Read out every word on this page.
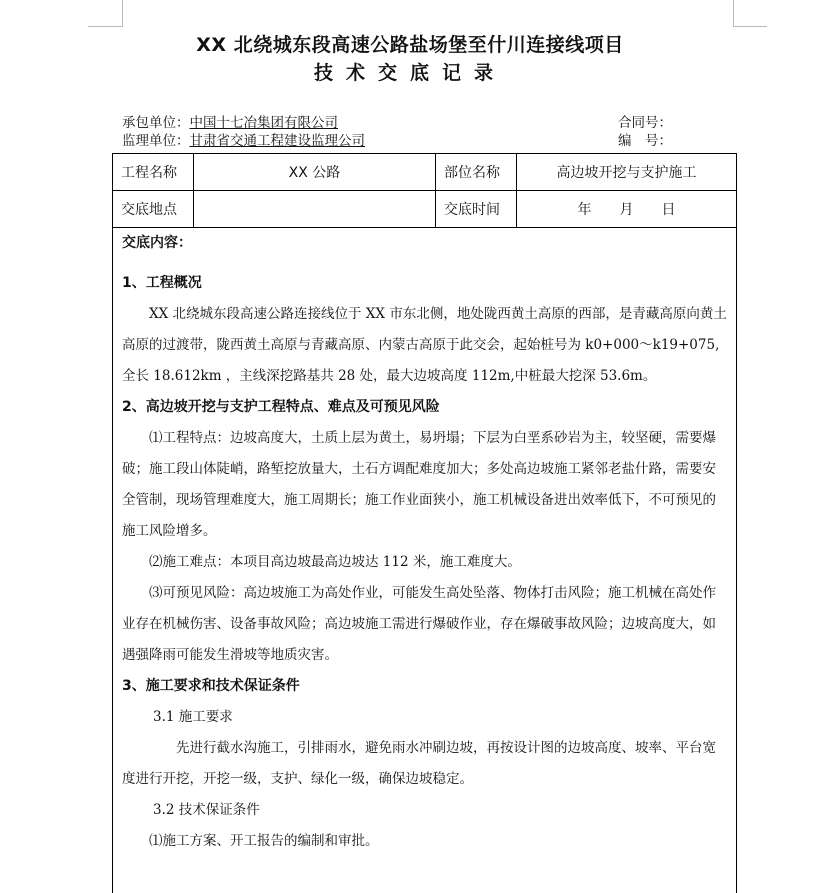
XX 北绕城东段高速公路盐场堡至什川连接线项目
技术交底记录
承包单位：中国十七冶集团有限公司
监理单位：甘肃省交通工程建设监理公司
合同号：
编　号：
工程名称	XX 公路	部位名称	高边坡开挖与支护施工
交底地点		交底时间	年　　月　　日

交底内容：

1、工程概况

XX 北绕城东段高速公路连接线位于 XX 市东北侧，地处陇西黄土高原的西部，是青藏高原向黄土高原的过渡带，陇西黄土高原与青藏高原、内蒙古高原于此交会，起始桩号为 k0+000～k19+075,全长 18.612km ，主线深挖路基共 28 处，最大边坡高度 112m,中桩最大挖深 53.6m。

2、高边坡开挖与支护工程特点、难点及可预见风险

⑴工程特点：边坡高度大，土质上层为黄土，易坍塌；下层为白垩系砂岩为主，较坚硬，需要爆破；施工段山体陡峭，路堑挖放量大，土石方调配难度加大；多处高边坡施工紧邻老盐什路，需要安全管制，现场管理难度大，施工周期长；施工作业面狭小，施工机械设备进出效率低下，不可预见的施工风险增多。

⑵施工难点：本项目高边坡最高边坡达 112 米，施工难度大。

⑶可预见风险：高边坡施工为高处作业，可能发生高处坠落、物体打击风险；施工机械在高处作业存在机械伤害、设备事故风险；高边坡施工需进行爆破作业，存在爆破事故风险；边坡高度大，如遇强降雨可能发生滑坡等地质灾害。

3、施工要求和技术保证条件

3.1 施工要求

先进行截水沟施工，引排雨水，避免雨水冲刷边坡，再按设计图的边坡高度、坡率、平台宽度进行开挖，开挖一级，支护、绿化一级，确保边坡稳定。

3.2 技术保证条件

⑴施工方案、开工报告的编制和审批。
